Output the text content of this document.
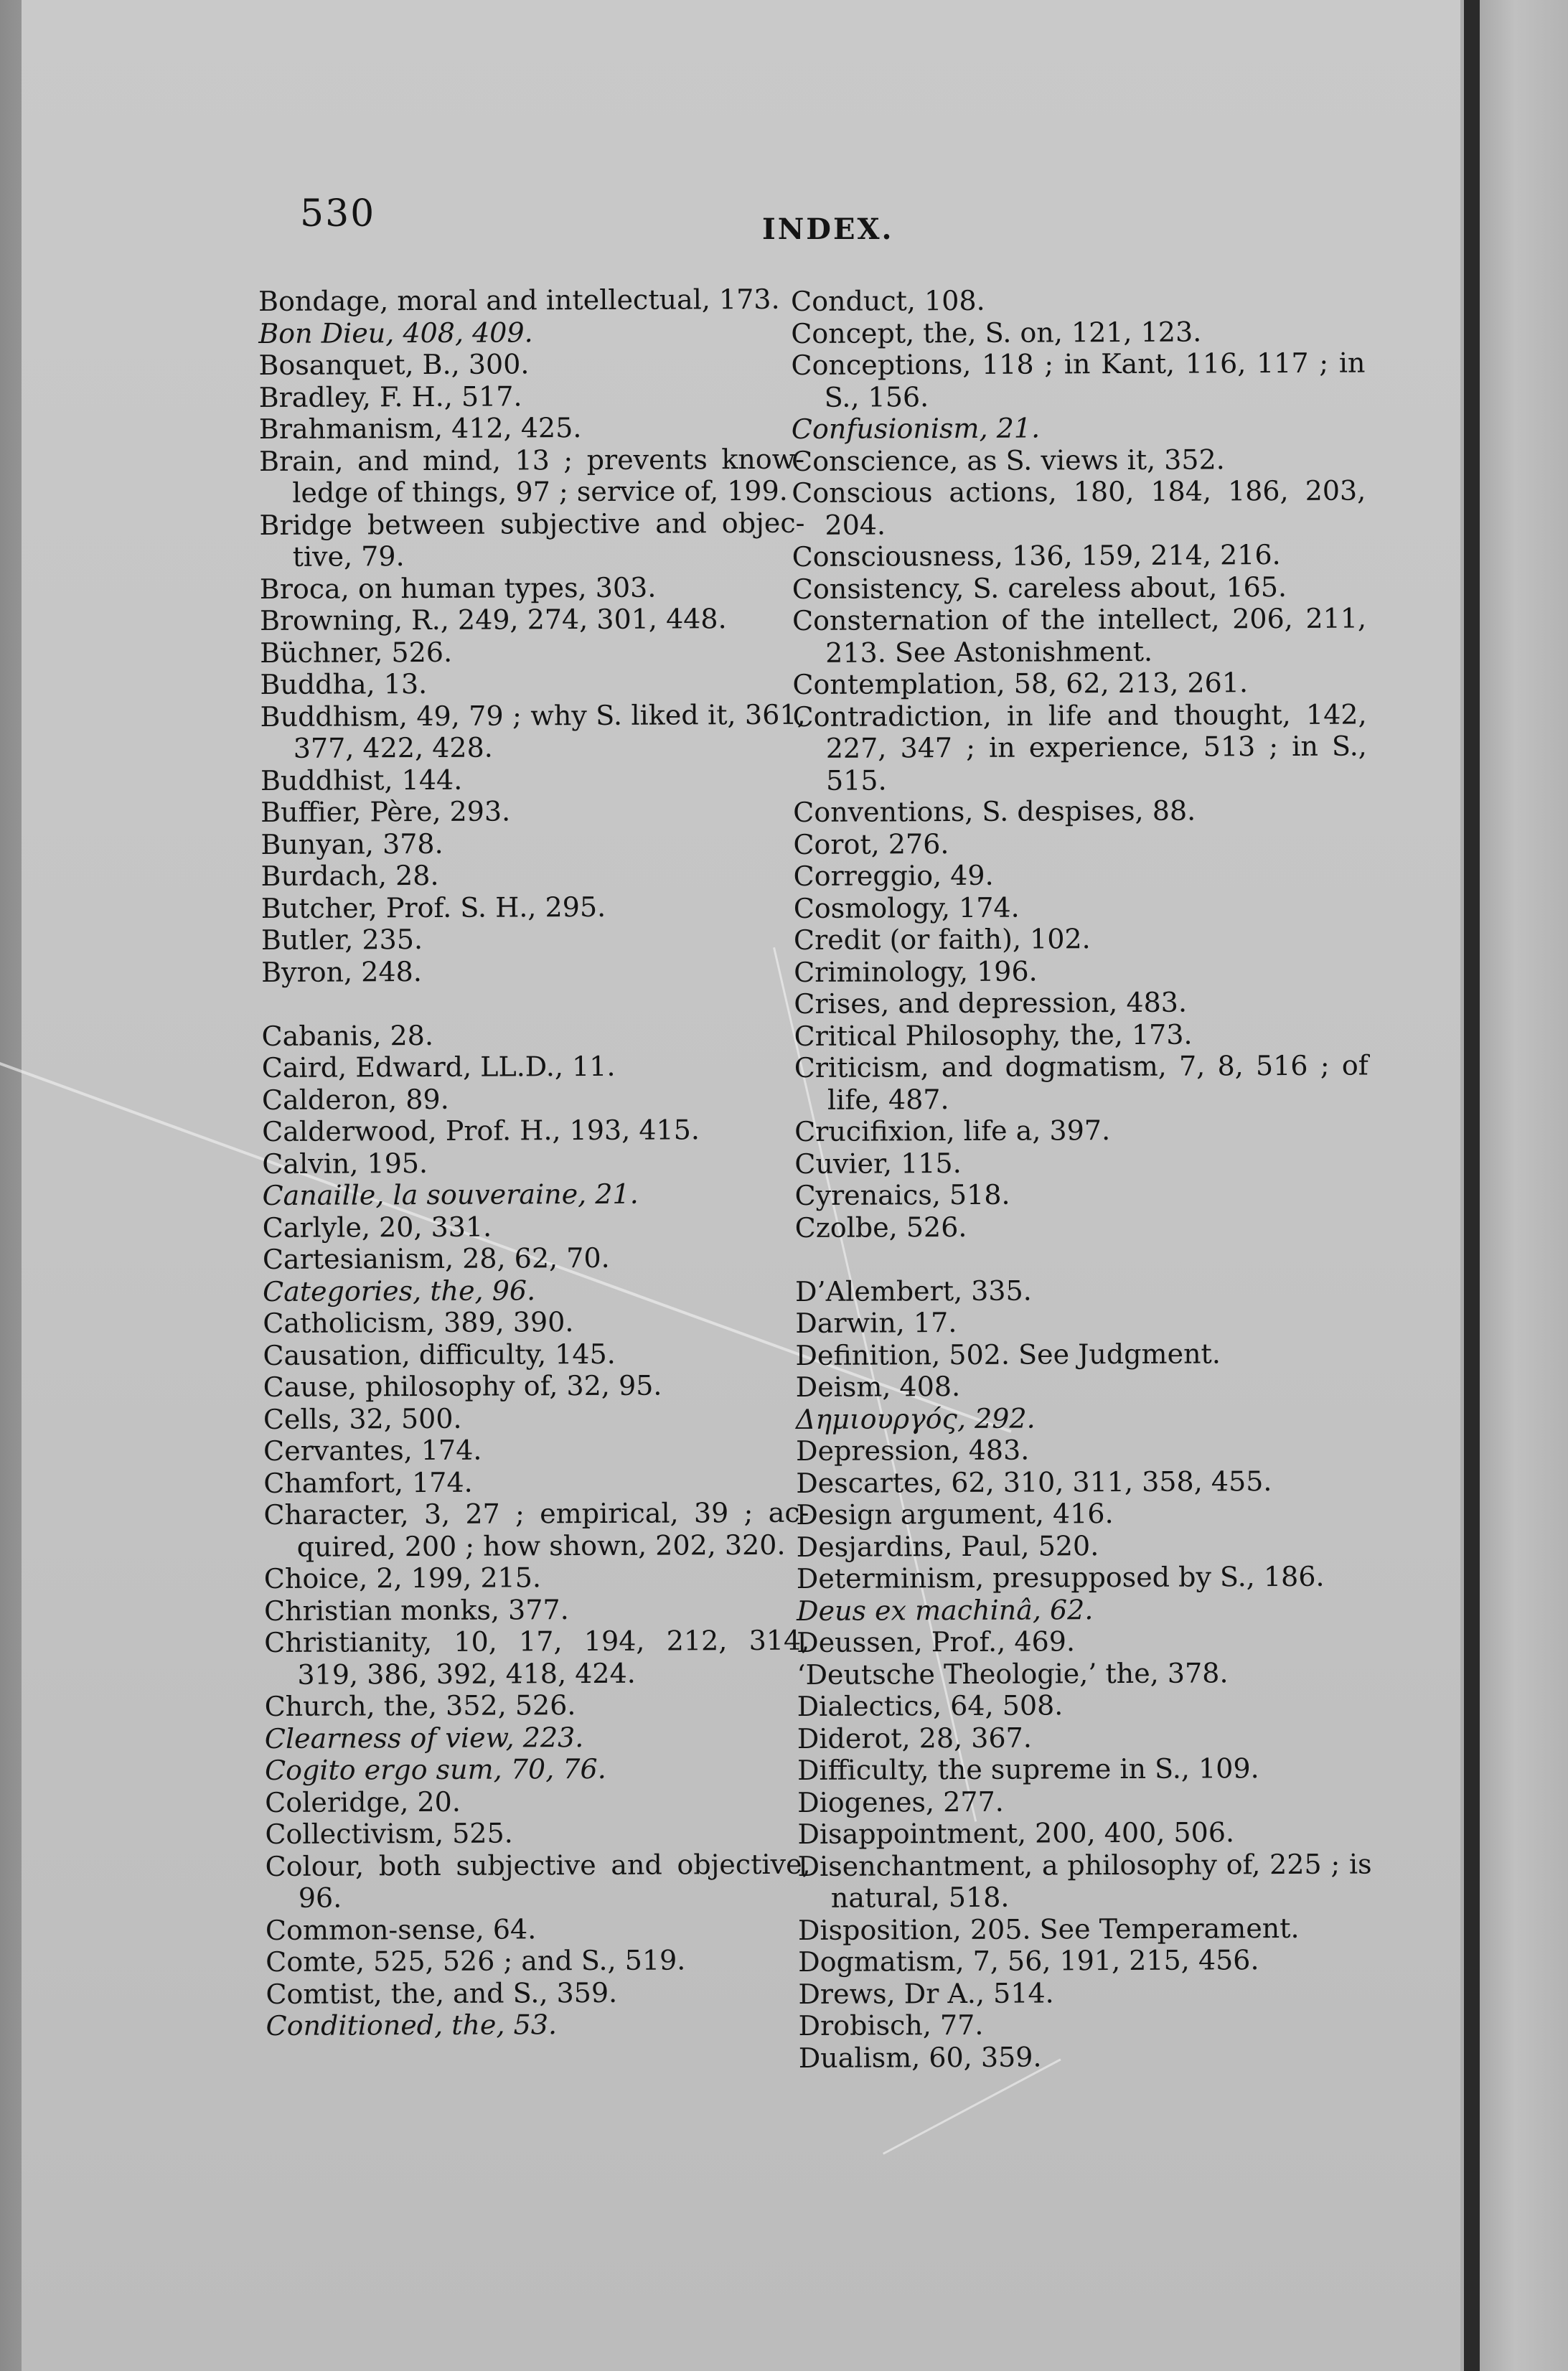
530	INDEX.
Bondage, moral and intellectual, 173.
Bon Dieu, 408, 409.
Bosanquet, B., 300.
Bradley, F. H., 517.
Brahmanism, 412, 425.
Brain, and mind, 13 ; prevents know-ledge of things, 97 ; service of, 199.
Bridge between subjective and objec-tive, 79.
Broca, on human types, 303.
Browning, R., 249, 274, 301, 448.
Büchner, 526.
Buddha, 13.
Buddhism, 49, 79 ; why S. liked it, 361, 377, 422, 428.
Buddhist, 144.
Buffier, Père, 293.
Bunyan, 378.
Burdach, 28.
Butcher, Prof. S. H., 295.
Butler, 235.
Byron, 248.
Cabanis, 28.
Caird, Edward, LL.D., 11.
Calderon, 89.
Calderwood, Prof. H., 193, 415.
Calvin, 195.
Canaille, la souveraine, 21.
Carlyle, 20, 331.
Cartesianism, 28, 62, 70.
Categories, the, 96.
Catholicism, 389, 390.
Causation, difficulty, 145.
Cause, philosophy of, 32, 95.
Cells, 32, 500.
Cervantes, 174.
Chamfort, 174.
Character, 3, 27 ; empirical, 39 ; ac-quired, 200 ; how shown, 202, 320.
Choice, 2, 199, 215.
Christian monks, 377.
Christianity, 10, 17, 194, 212, 314, 319, 386, 392, 418, 424.
Church, the, 352, 526.
Clearness of view, 223.
Cogito ergo sum, 70, 76.
Coleridge, 20.
Collectivism, 525.
Colour, both subjective and objective, 96.
Common-sense, 64.
Comte, 525, 526 ; and S., 519.
Comtist, the, and S., 359.
Conditioned, the, 53.
Conduct, 108.
Concept, the, S. on, 121, 123.
Conceptions, 118 ; in Kant, 116, 117 ; in S., 156.
Confusionism, 21.
Conscience, as S. views it, 352.
Conscious actions, 180, 184, 186, 203, 204.
Consciousness, 136, 159, 214, 216.
Consistency, S. careless about, 165.
Consternation of the intellect, 206, 211, 213. See Astonishment.
Contemplation, 58, 62, 213, 261.
Contradiction, in life and thought, 142, 227, 347 ; in experience, 513 ; in S., 515.
Conventions, S. despises, 88.
Corot, 276.
Correggio, 49.
Cosmology, 174.
Credit (or faith), 102.
Criminology, 196.
Crises, and depression, 483.
Critical Philosophy, the, 173.
Criticism, and dogmatism, 7, 8, 516 ; of life, 487.
Crucifixion, life a, 397.
Cuvier, 115.
Cyrenaics, 518.
Czolbe, 526.
D’Alembert, 335.
Darwin, 17.
Definition, 502. See Judgment.
Deism, 408.
Δημιουργός, 292.
Depression, 483.
Descartes, 62, 310, 311, 358, 455.
Design argument, 416.
Desjardins, Paul, 520.
Determinism, presupposed by S., 186.
Deus ex machinâ, 62.
Deussen, Prof., 469.
‘Deutsche Theologie,’ the, 378.
Dialectics, 64, 508.
Diderot, 28, 367.
Difficulty, the supreme in S., 109.
Diogenes, 277.
Disappointment, 200, 400, 506.
Disenchantment, a philosophy of, 225 ; is natural, 518.
Disposition, 205. See Temperament.
Dogmatism, 7, 56, 191, 215, 456.
Drews, Dr A., 514.
Drobisch, 77.
Dualism, 60, 359.
